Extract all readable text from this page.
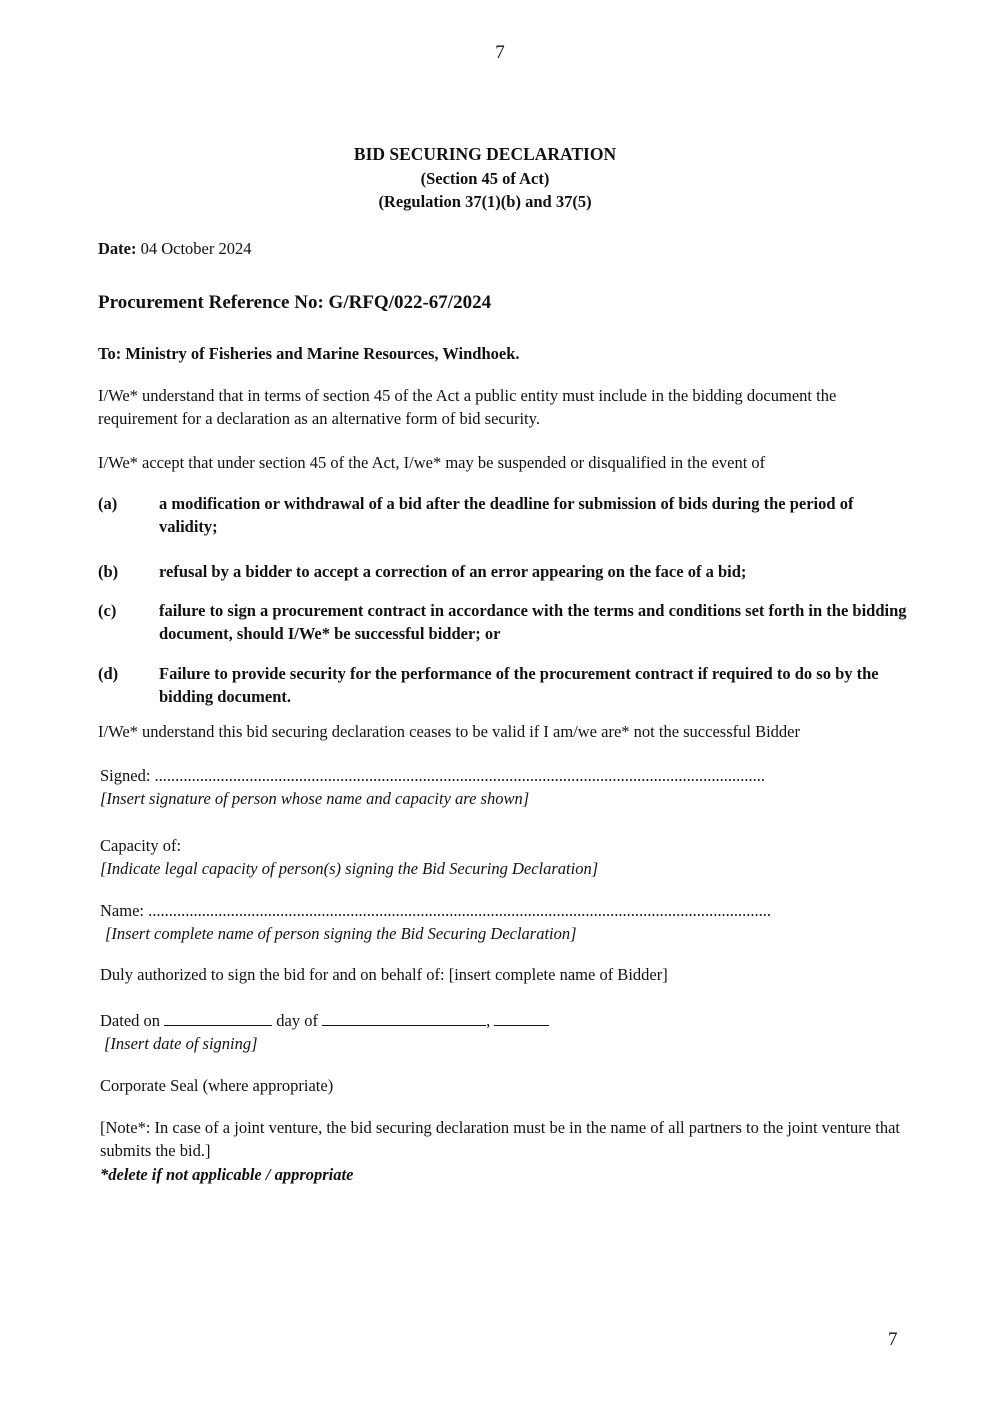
7
BID SECURING DECLARATION
(Section 45 of Act)
(Regulation 37(1)(b) and 37(5)
Date: 04 October 2024
Procurement Reference No: G/RFQ/022-67/2024
To: Ministry of Fisheries and Marine Resources, Windhoek.
I/We* understand that in terms of section 45 of the Act a public entity must include in the bidding document the requirement for a declaration as an alternative form of bid security.
I/We* accept that under section 45 of the Act, I/we* may be suspended or disqualified in the event of
(a)	a modification or withdrawal of a bid after the deadline for submission of bids during the period of validity;
(b)	refusal by a bidder to accept a correction of an error appearing on the face of a bid;
(c)	failure to sign a procurement contract in accordance with the terms and conditions set forth in the bidding document, should I/We* be successful bidder; or
(d)	Failure to provide security for the performance of the procurement contract if required to do so by the bidding document.
I/We* understand this bid securing declaration ceases to be valid if I am/we are* not the successful Bidder
Signed: ....................................................................................................................................................
[Insert signature of person whose name and capacity are shown]
Capacity of:
[Indicate legal capacity of person(s) signing the Bid Securing Declaration]
Name: .......................................................................................................................................................
[Insert complete name of person signing the Bid Securing Declaration]
Duly authorized to sign the bid for and on behalf of: [insert complete name of Bidder]
Dated on	day of	,
[Insert date of signing]
Corporate Seal (where appropriate)
[Note*: In case of a joint venture, the bid securing declaration must be in the name of all partners to the joint venture that submits the bid.]
*delete if not applicable / appropriate
7
